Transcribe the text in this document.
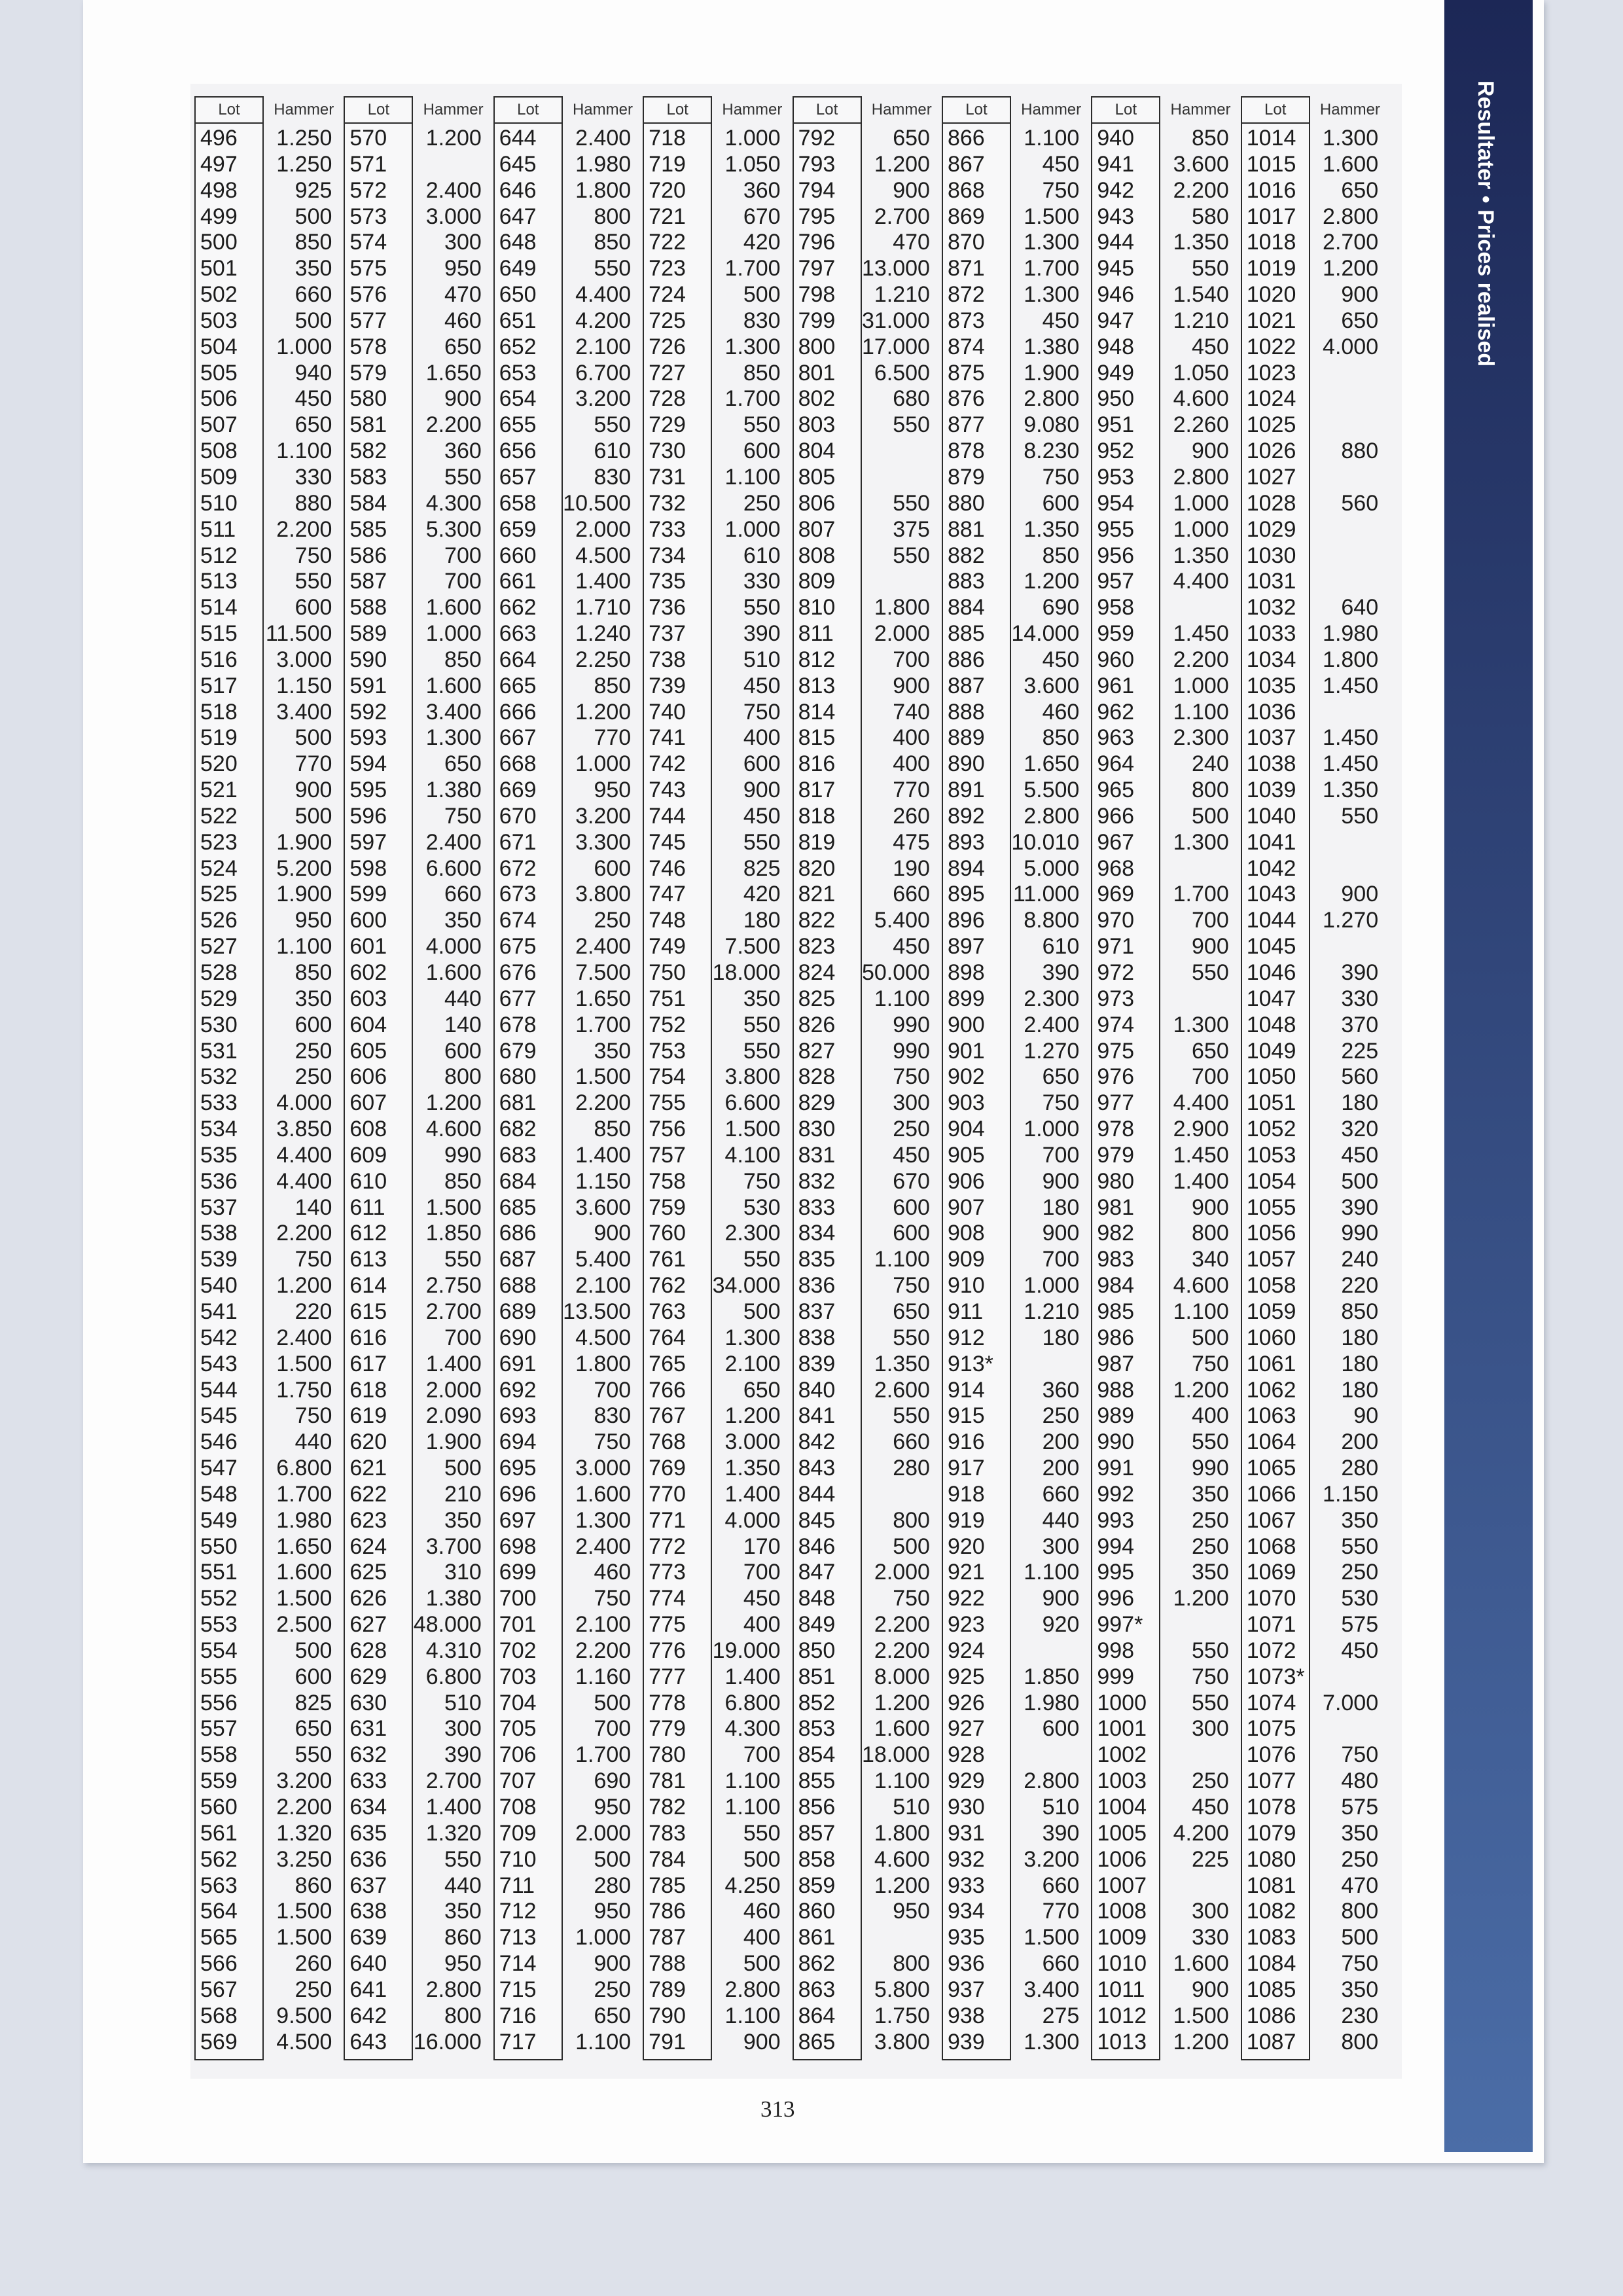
Resultater • Prices realised
Lot
496
497
498
499
500
501
502
503
504
505
506
507
508
509
510
511
512
513
514
515
516
517
518
519
520
521
522
523
524
525
526
527
528
529
530
531
532
533
534
535
536
537
538
539
540
541
542
543
544
545
546
547
548
549
550
551
552
553
554
555
556
557
558
559
560
561
562
563
564
565
566
567
568
569
Hammer
1.250
1.250
925
500
850
350
660
500
1.000
940
450
650
1.100
330
880
2.200
750
550
600
11.500
3.000
1.150
3.400
500
770
900
500
1.900
5.200
1.900
950
1.100
850
350
600
250
250
4.000
3.850
4.400
4.400
140
2.200
750
1.200
220
2.400
1.500
1.750
750
440
6.800
1.700
1.980
1.650
1.600
1.500
2.500
500
600
825
650
550
3.200
2.200
1.320
3.250
860
1.500
1.500
260
250
9.500
4.500
Lot
570
571
572
573
574
575
576
577
578
579
580
581
582
583
584
585
586
587
588
589
590
591
592
593
594
595
596
597
598
599
600
601
602
603
604
605
606
607
608
609
610
611
612
613
614
615
616
617
618
619
620
621
622
623
624
625
626
627
628
629
630
631
632
633
634
635
636
637
638
639
640
641
642
643
Hammer
1.200
2.400
3.000
300
950
470
460
650
1.650
900
2.200
360
550
4.300
5.300
700
700
1.600
1.000
850
1.600
3.400
1.300
650
1.380
750
2.400
6.600
660
350
4.000
1.600
440
140
600
800
1.200
4.600
990
850
1.500
1.850
550
2.750
2.700
700
1.400
2.000
2.090
1.900
500
210
350
3.700
310
1.380
48.000
4.310
6.800
510
300
390
2.700
1.400
1.320
550
440
350
860
950
2.800
800
16.000
Lot
644
645
646
647
648
649
650
651
652
653
654
655
656
657
658
659
660
661
662
663
664
665
666
667
668
669
670
671
672
673
674
675
676
677
678
679
680
681
682
683
684
685
686
687
688
689
690
691
692
693
694
695
696
697
698
699
700
701
702
703
704
705
706
707
708
709
710
711
712
713
714
715
716
717
Hammer
2.400
1.980
1.800
800
850
550
4.400
4.200
2.100
6.700
3.200
550
610
830
10.500
2.000
4.500
1.400
1.710
1.240
2.250
850
1.200
770
1.000
950
3.200
3.300
600
3.800
250
2.400
7.500
1.650
1.700
350
1.500
2.200
850
1.400
1.150
3.600
900
5.400
2.100
13.500
4.500
1.800
700
830
750
3.000
1.600
1.300
2.400
460
750
2.100
2.200
1.160
500
700
1.700
690
950
2.000
500
280
950
1.000
900
250
650
1.100
Lot
718
719
720
721
722
723
724
725
726
727
728
729
730
731
732
733
734
735
736
737
738
739
740
741
742
743
744
745
746
747
748
749
750
751
752
753
754
755
756
757
758
759
760
761
762
763
764
765
766
767
768
769
770
771
772
773
774
775
776
777
778
779
780
781
782
783
784
785
786
787
788
789
790
791
Hammer
1.000
1.050
360
670
420
1.700
500
830
1.300
850
1.700
550
600
1.100
250
1.000
610
330
550
390
510
450
750
400
600
900
450
550
825
420
180
7.500
18.000
350
550
550
3.800
6.600
1.500
4.100
750
530
2.300
550
34.000
500
1.300
2.100
650
1.200
3.000
1.350
1.400
4.000
170
700
450
400
19.000
1.400
6.800
4.300
700
1.100
1.100
550
500
4.250
460
400
500
2.800
1.100
900
Lot
792
793
794
795
796
797
798
799
800
801
802
803
804
805
806
807
808
809
810
811
812
813
814
815
816
817
818
819
820
821
822
823
824
825
826
827
828
829
830
831
832
833
834
835
836
837
838
839
840
841
842
843
844
845
846
847
848
849
850
851
852
853
854
855
856
857
858
859
860
861
862
863
864
865
Hammer
650
1.200
900
2.700
470
13.000
1.210
31.000
17.000
6.500
680
550
550
375
550
1.800
2.000
700
900
740
400
400
770
260
475
190
660
5.400
450
50.000
1.100
990
990
750
300
250
450
670
600
600
1.100
750
650
550
1.350
2.600
550
660
280
800
500
2.000
750
2.200
2.200
8.000
1.200
1.600
18.000
1.100
510
1.800
4.600
1.200
950
800
5.800
1.750
3.800
Lot
866
867
868
869
870
871
872
873
874
875
876
877
878
879
880
881
882
883
884
885
886
887
888
889
890
891
892
893
894
895
896
897
898
899
900
901
902
903
904
905
906
907
908
909
910
911
912
913*
914
915
916
917
918
919
920
921
922
923
924
925
926
927
928
929
930
931
932
933
934
935
936
937
938
939
Hammer
1.100
450
750
1.500
1.300
1.700
1.300
450
1.380
1.900
2.800
9.080
8.230
750
600
1.350
850
1.200
690
14.000
450
3.600
460
850
1.650
5.500
2.800
10.010
5.000
11.000
8.800
610
390
2.300
2.400
1.270
650
750
1.000
700
900
180
900
700
1.000
1.210
180
360
250
200
200
660
440
300
1.100
900
920
1.850
1.980
600
2.800
510
390
3.200
660
770
1.500
660
3.400
275
1.300
Lot
940
941
942
943
944
945
946
947
948
949
950
951
952
953
954
955
956
957
958
959
960
961
962
963
964
965
966
967
968
969
970
971
972
973
974
975
976
977
978
979
980
981
982
983
984
985
986
987
988
989
990
991
992
993
994
995
996
997*
998
999
1000
1001
1002
1003
1004
1005
1006
1007
1008
1009
1010
1011
1012
1013
Hammer
850
3.600
2.200
580
1.350
550
1.540
1.210
450
1.050
4.600
2.260
900
2.800
1.000
1.000
1.350
4.400
1.450
2.200
1.000
1.100
2.300
240
800
500
1.300
1.700
700
900
550
1.300
650
700
4.400
2.900
1.450
1.400
900
800
340
4.600
1.100
500
750
1.200
400
550
990
350
250
250
350
1.200
550
750
550
300
250
450
4.200
225
300
330
1.600
900
1.500
1.200
Lot
1014
1015
1016
1017
1018
1019
1020
1021
1022
1023
1024
1025
1026
1027
1028
1029
1030
1031
1032
1033
1034
1035
1036
1037
1038
1039
1040
1041
1042
1043
1044
1045
1046
1047
1048
1049
1050
1051
1052
1053
1054
1055
1056
1057
1058
1059
1060
1061
1062
1063
1064
1065
1066
1067
1068
1069
1070
1071
1072
1073*
1074
1075
1076
1077
1078
1079
1080
1081
1082
1083
1084
1085
1086
1087
Hammer
1.300
1.600
650
2.800
2.700
1.200
900
650
4.000
880
560
640
1.980
1.800
1.450
1.450
1.450
1.350
550
900
1.270
390
330
370
225
560
180
320
450
500
390
990
240
220
850
180
180
180
90
200
280
1.150
350
550
250
530
575
450
7.000
750
480
575
350
250
470
800
500
750
350
230
800
313
